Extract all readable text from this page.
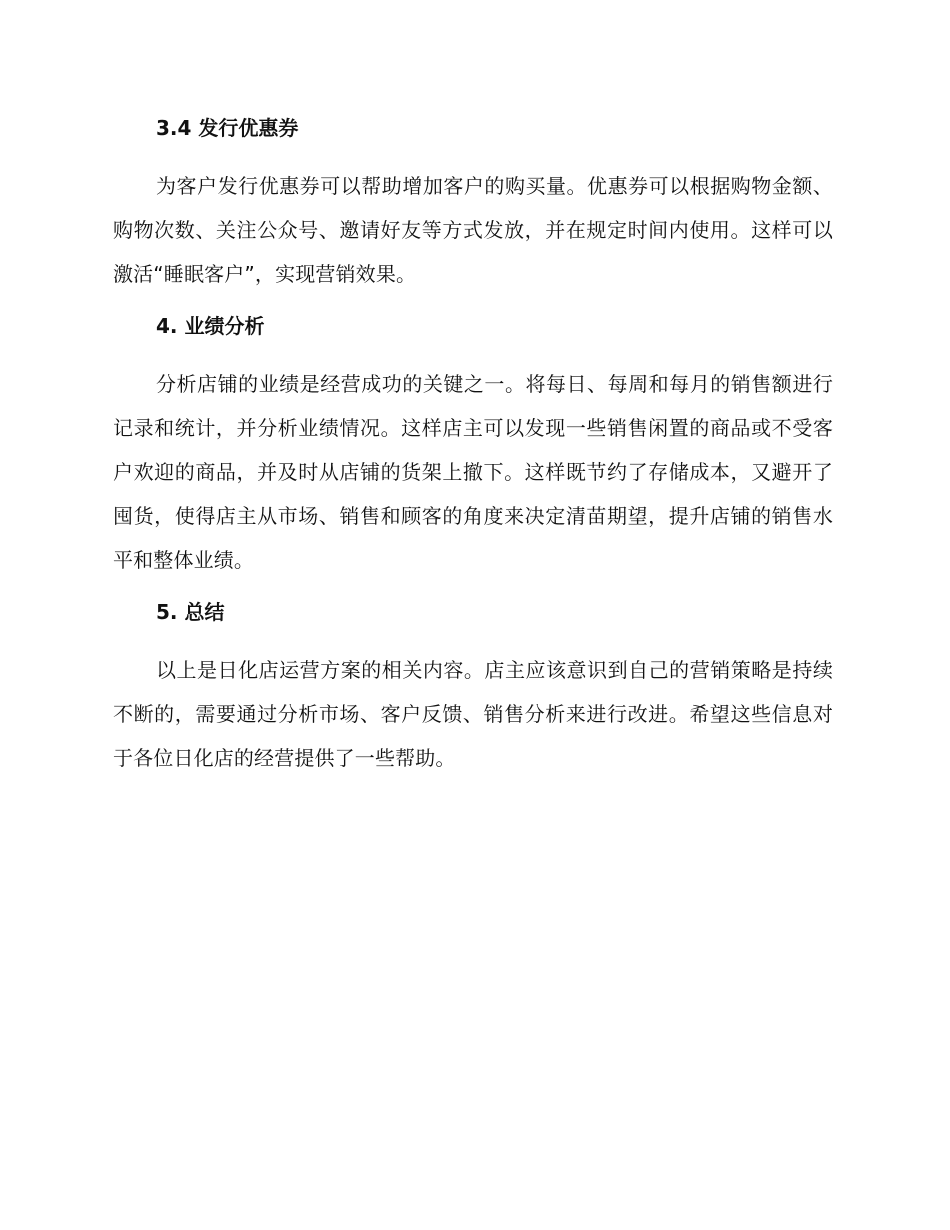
3.4 发行优惠券

为客户发行优惠券可以帮助增加客户的购买量。优惠券可以根据购物金额、购物次数、关注公众号、邀请好友等方式发放，并在规定时间内使用。这样可以激活“睡眠客户”，实现营销效果。

4. 业绩分析

分析店铺的业绩是经营成功的关键之一。将每日、每周和每月的销售额进行记录和统计，并分析业绩情况。这样店主可以发现一些销售闲置的商品或不受客户欢迎的商品，并及时从店铺的货架上撤下。这样既节约了存储成本，又避开了囤货，使得店主从市场、销售和顾客的角度来决定清苗期望，提升店铺的销售水平和整体业绩。

5. 总结

以上是日化店运营方案的相关内容。店主应该意识到自己的营销策略是持续不断的，需要通过分析市场、客户反馈、销售分析来进行改进。希望这些信息对于各位日化店的经营提供了一些帮助。
